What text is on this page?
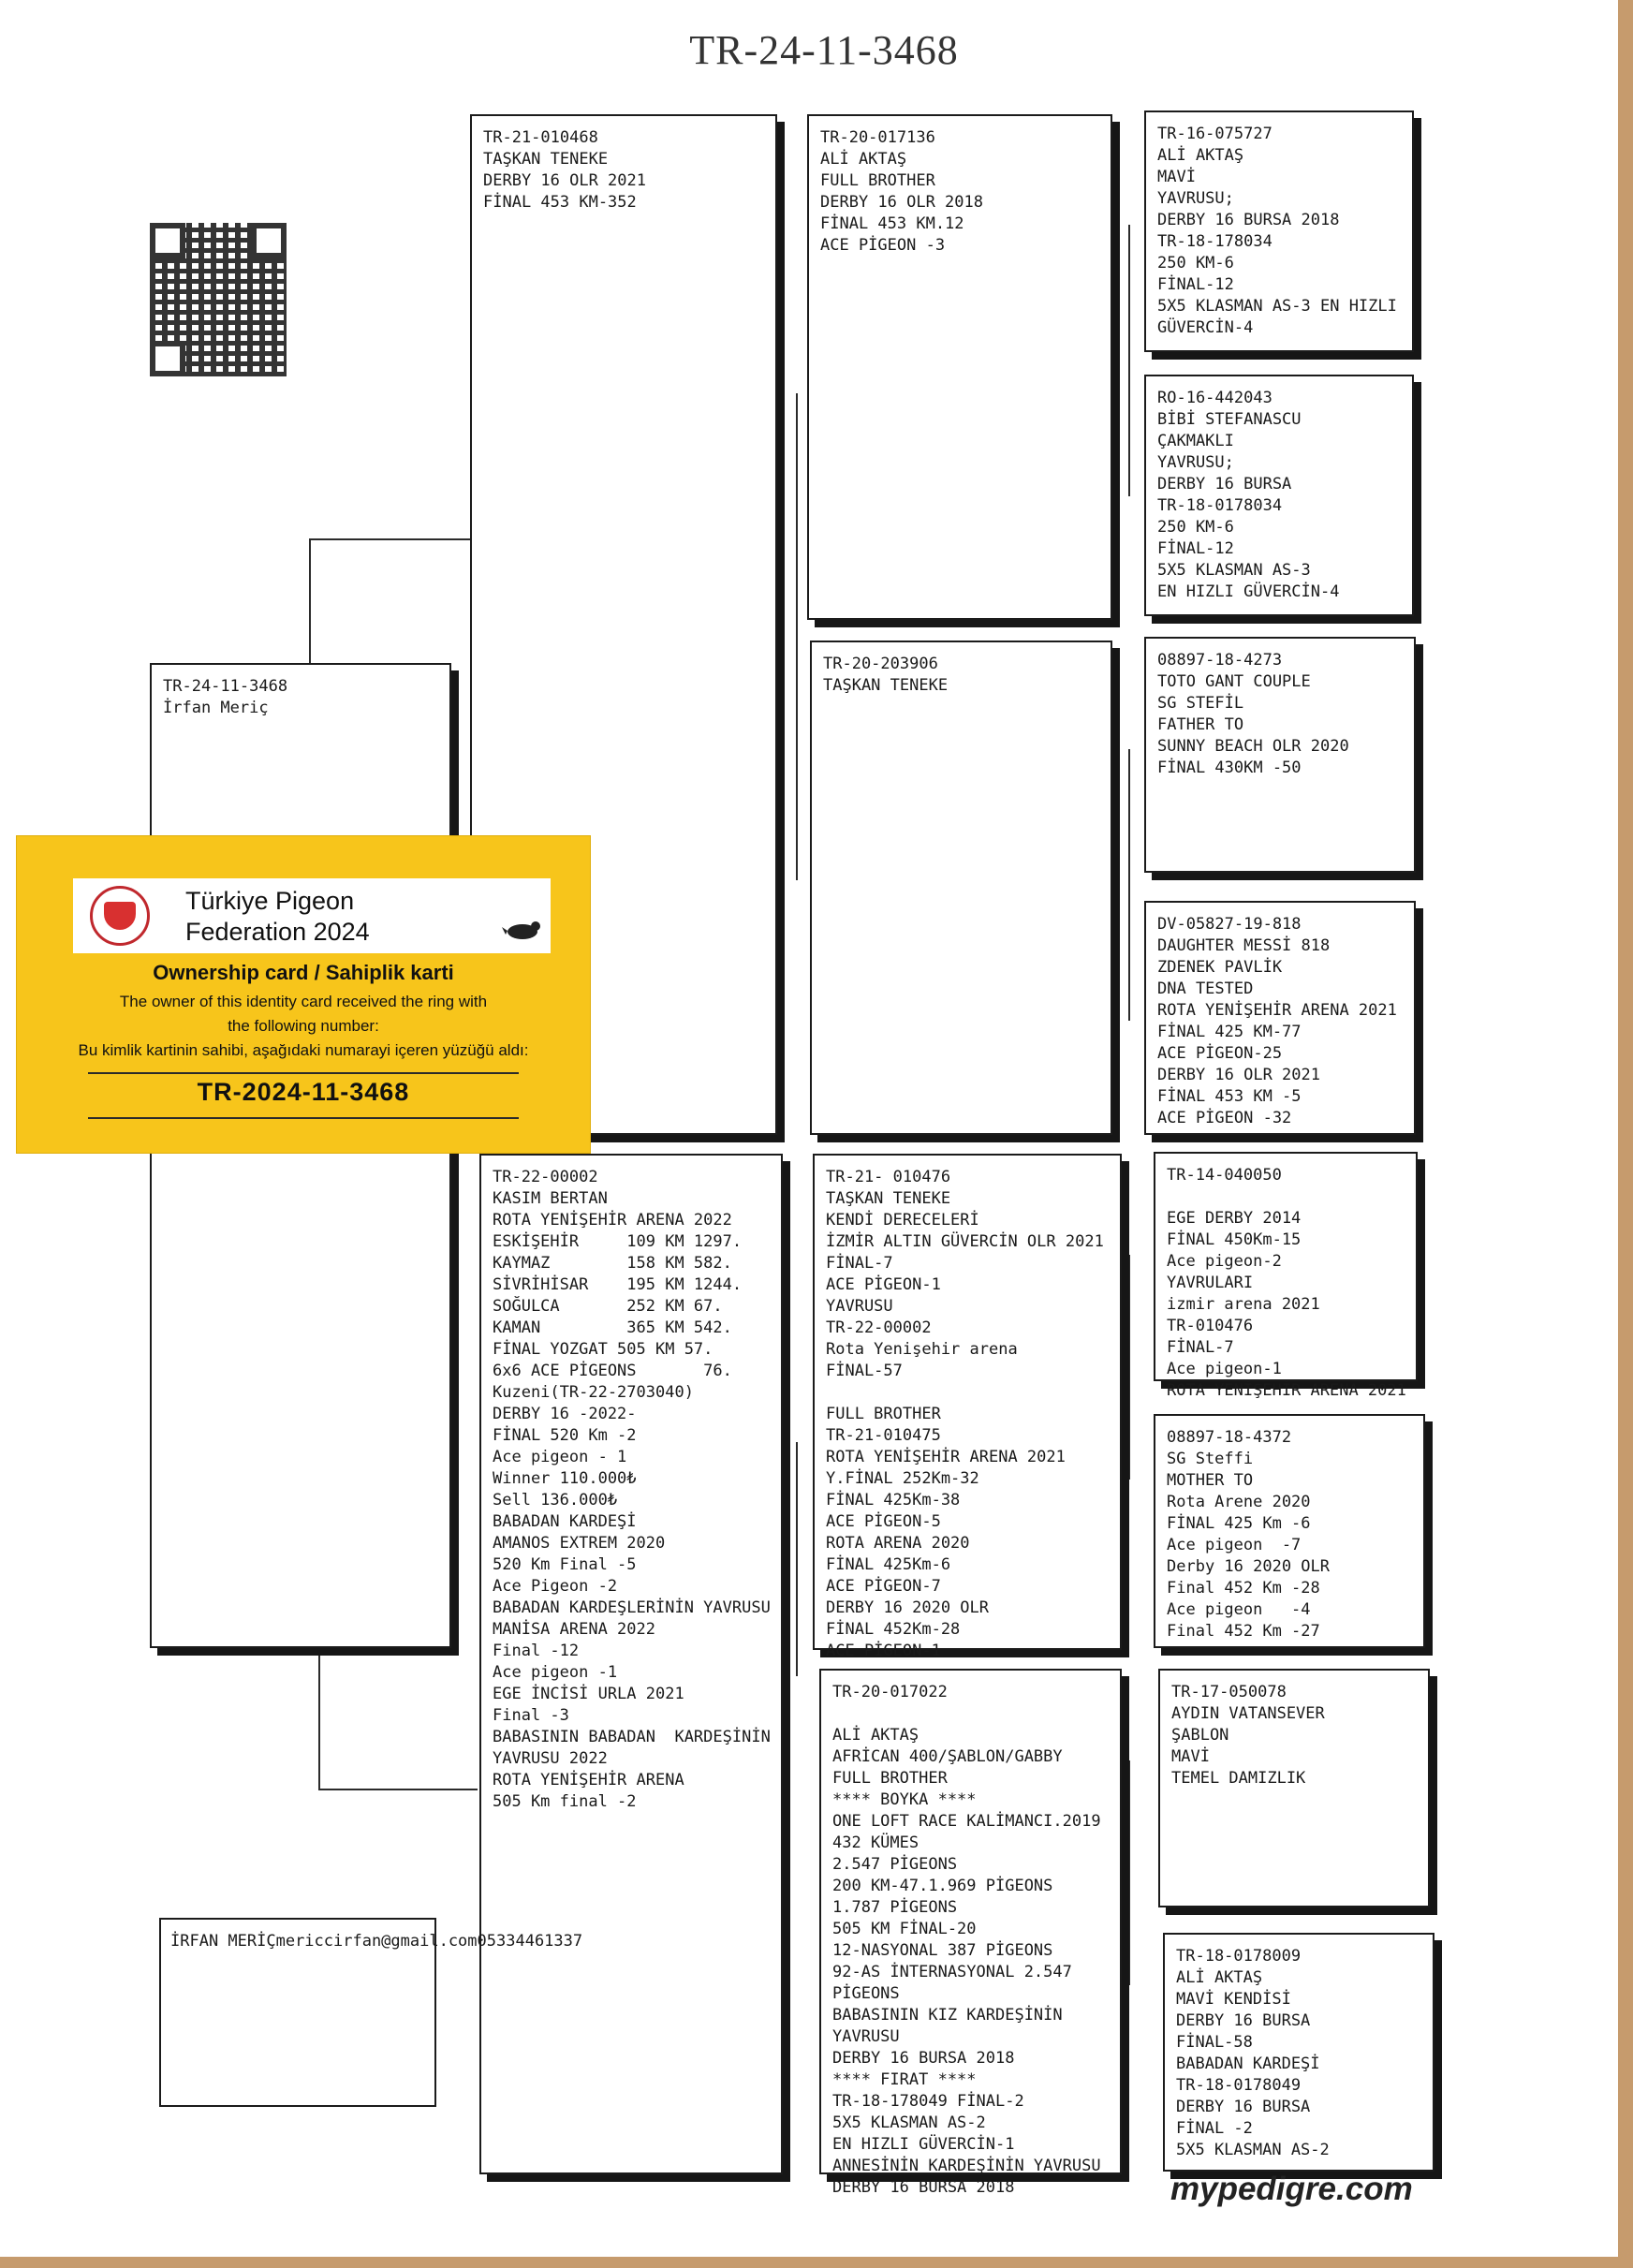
TR-24-11-3468
TR-24-11-3468
İrfan Meriç
TR-21-010468
TAŞKAN TENEKE
DERBY 16 OLR 2021
FİNAL 453 KM-352
TR-22-00002
KASIM BERTAN
ROTA YENİŞEHİR ARENA 2022
ESKİŞEHİR     109 KM 1297.
KAYMAZ        158 KM 582.
SİVRİHİSAR    195 KM 1244.
SOĞULCA       252 KM 67.
KAMAN         365 KM 542.
FİNAL YOZGAT 505 KM 57.
6x6 ACE PİGEONS       76.
Kuzeni(TR-22-2703040)
DERBY 16 -2022-
FİNAL 520 Km -2
Ace pigeon - 1
Winner 110.000₺
Sell 136.000₺
BABADAN KARDEŞİ
AMANOS EXTREM 2020
520 Km Final -5
Ace Pigeon -2
BABADAN KARDEŞLERİNİN YAVRUSU
MANİSA ARENA 2022
Final -12
Ace pigeon -1
EGE İNCİSİ URLA 2021
Final -3
BABASININ BABADAN  KARDEŞİNİN
YAVRUSU 2022
ROTA YENİŞEHİR ARENA
505 Km final -2
TR-20-017136
ALİ AKTAŞ
FULL BROTHER
DERBY 16 OLR 2018
FİNAL 453 KM.12
ACE PİGEON -3
TR-20-203906
TAŞKAN TENEKE
TR-21- 010476
TAŞKAN TENEKE
KENDİ DERECELERİ
İZMİR ALTIN GÜVERCİN OLR 2021
FİNAL-7
ACE PİGEON-1
YAVRUSU
TR-22-00002
Rota Yenişehir arena
FİNAL-57

FULL BROTHER
TR-21-010475
ROTA YENİŞEHİR ARENA 2021
Y.FİNAL 252Km-32
FİNAL 425Km-38
ACE PİGEON-5
ROTA ARENA 2020
FİNAL 425Km-6
ACE PİGEON-7
DERBY 16 2020 OLR
FİNAL 452Km-28
ACE PİGEON-1
TR-20-017022

ALİ AKTAŞ
AFRİCAN 400/ŞABLON/GABBY
FULL BROTHER
**** BOYKA ****
ONE LOFT RACE KALİMANCI.2019
432 KÜMES
2.547 PİGEONS
200 KM-47.1.969 PİGEONS
1.787 PİGEONS
505 KM FİNAL-20
12-NASYONAL 387 PİGEONS
92-AS İNTERNASYONAL 2.547
PİGEONS
BABASININ KIZ KARDEŞİNİN
YAVRUSU
DERBY 16 BURSA 2018
**** FIRAT ****
TR-18-178049 FİNAL-2
5X5 KLASMAN AS-2
EN HIZLI GÜVERCİN-1
ANNESİNİN KARDEŞİNİN YAVRUSU
DERBY 16 BURSA 2018
TR-16-075727
ALİ AKTAŞ
MAVİ
YAVRUSU;
DERBY 16 BURSA 2018
TR-18-178034
250 KM-6
FİNAL-12
5X5 KLASMAN AS-3 EN HIZLI
GÜVERCİN-4
RO-16-442043
BİBİ STEFANASCU
ÇAKMAKLI
YAVRUSU;
DERBY 16 BURSA
TR-18-0178034
250 KM-6
FİNAL-12
5X5 KLASMAN AS-3
EN HIZLI GÜVERCİN-4
08897-18-4273
TOTO GANT COUPLE
SG STEFİL
FATHER TO
SUNNY BEACH OLR 2020
FİNAL 430KM -50
DV-05827-19-818
DAUGHTER MESSİ 818
ZDENEK PAVLİK
DNA TESTED
ROTA YENİŞEHİR ARENA 2021
FİNAL 425 KM-77
ACE PİGEON-25
DERBY 16 OLR 2021
FİNAL 453 KM -5
ACE PİGEON -32
TR-14-040050

EGE DERBY 2014
FİNAL 450Km-15
Ace pigeon-2
YAVRULARI
izmir arena 2021
TR-010476
FİNAL-7
Ace pigeon-1
ROTA YENİŞEHİR ARENA 2021
08897-18-4372
SG Steffi
MOTHER TO
Rota Arene 2020
FİNAL 425 Km -6
Ace pigeon  -7
Derby 16 2020 OLR
Final 452 Km -28
Ace pigeon   -4
Final 452 Km -27
TR-17-050078
AYDIN VATANSEVER
ŞABLON
MAVİ
TEMEL DAMIZLIK
TR-18-0178009
ALİ AKTAŞ
MAVİ KENDİSİ
DERBY 16 BURSA
FİNAL-58
BABADAN KARDEŞİ
TR-18-0178049
DERBY 16 BURSA
FİNAL -2
5X5 KLASMAN AS-2
Türkiye Pigeon
Federation 2024
Ownership card / Sahiplik karti
The owner of this identity card received the ring with
the following number:
Bu kimlik kartinin sahibi, aşağıdaki numarayi içeren yüzüğü aldı:
TR-2024-11-3468
İRFAN MERİÇmericcirfan@gmail.com05334461337
mypedigre.com
